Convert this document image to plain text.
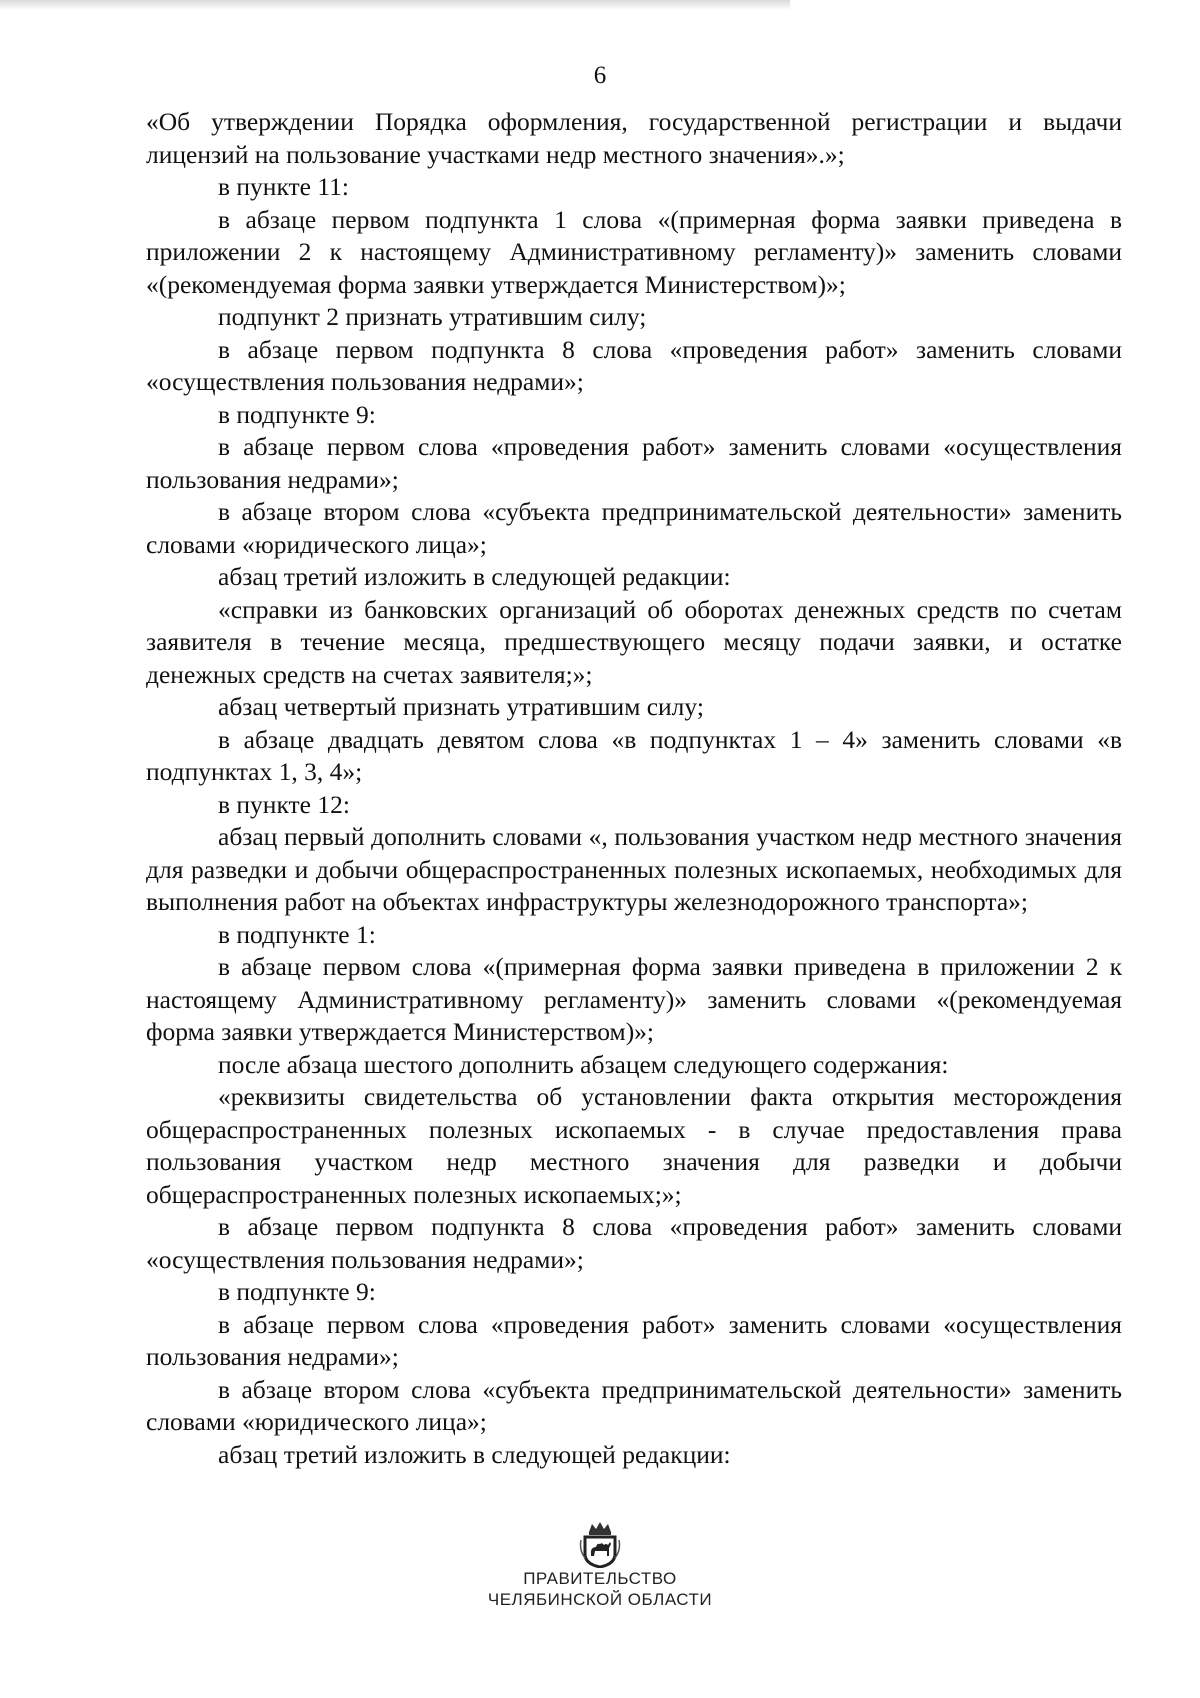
6

«Об утверждении Порядка оформления, государственной регистрации и выдачи лицензий на пользование участками недр местного значения».»;

в пункте 11:

в абзаце первом подпункта 1 слова «(примерная форма заявки приведена в приложении 2 к настоящему Административному регламенту)» заменить словами «(рекомендуемая форма заявки утверждается Министерством)»;

подпункт 2 признать утратившим силу;

в абзаце первом подпункта 8 слова «проведения работ» заменить словами «осуществления пользования недрами»;

в подпункте 9:

в абзаце первом слова «проведения работ» заменить словами «осуществления пользования недрами»;

в абзаце втором слова «субъекта предпринимательской деятельности» заменить словами «юридического лица»;

абзац третий изложить в следующей редакции:

«справки из банковских организаций об оборотах денежных средств по счетам заявителя в течение месяца, предшествующего месяцу подачи заявки, и остатке денежных средств на счетах заявителя;»;

абзац четвертый признать утратившим силу;

в абзаце двадцать девятом слова «в подпунктах 1 – 4» заменить словами «в подпунктах 1, 3, 4»;

в пункте 12:

абзац первый дополнить словами «, пользования участком недр местного значения для разведки и добычи общераспространенных полезных ископаемых, необходимых для выполнения работ на объектах инфраструктуры железнодорожного транспорта»;

в подпункте 1:

в абзаце первом слова «(примерная форма заявки приведена в приложении 2 к настоящему Административному регламенту)» заменить словами «(рекомендуемая форма заявки утверждается Министерством)»;

после абзаца шестого дополнить абзацем следующего содержания:

«реквизиты свидетельства об установлении факта открытия месторождения общераспространенных полезных ископаемых - в случае предоставления права пользования участком недр местного значения для разведки и добычи общераспространенных полезных ископаемых;»;

в абзаце первом подпункта 8 слова «проведения работ» заменить словами «осуществления пользования недрами»;

в подпункте 9:

в абзаце первом слова «проведения работ» заменить словами «осуществления пользования недрами»;

в абзаце втором слова «субъекта предпринимательской деятельности» заменить словами «юридического лица»;

абзац третий изложить в следующей редакции:

ПРАВИТЕЛЬСТВО
ЧЕЛЯБИНСКОЙ ОБЛАСТИ
